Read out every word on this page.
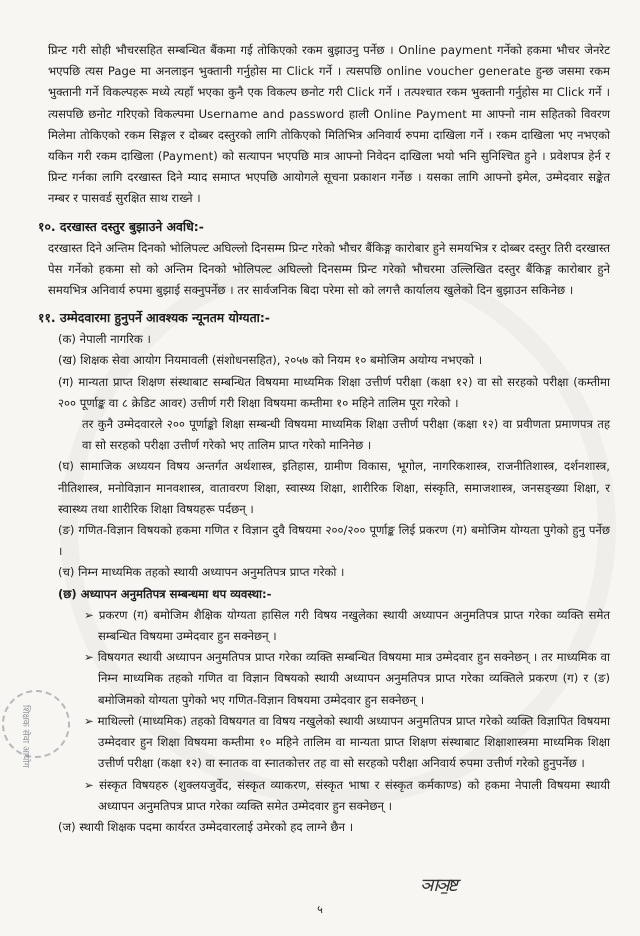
शिक्षक सेवा आयोग

प्रिन्ट गरी सोही भौचरसहित सम्बन्धित बैंकमा गई तोकिएको रकम बुझाउनु पर्नेछ । Online payment गर्नेको हकमा भौचर जेनरेट भएपछि त्यस Page मा अनलाइन भुक्तानी गर्नुहोस मा Click गर्ने । त्यसपछि online voucher generate हुन्छ जसमा रकम भुक्तानी गर्ने विकल्पहरू मध्ये त्यहाँ भएका कुनै एक विकल्प छनोट गरी Click गर्ने । तत्पश्चात रकम भुक्तानी गर्नुहोस मा Click गर्ने । त्यसपछि छनोट गरिएको विकल्पमा Username and password हाली Online Payment मा आफ्नो नाम सहितको विवरण मिलेमा तोकिएको रकम सिङ्गल र दोब्बर दस्तुरको लागि तोकिएको मितिभित्र अनिवार्य रुपमा दाखिला गर्ने । रकम दाखिला भए नभएको यकिन गरी रकम दाखिला (Payment) को सत्यापन भएपछि मात्र आफ्नो निवेदन दाखिला भयो भनि सुनिश्चित हुने । प्रवेशपत्र हेर्न र प्रिन्ट गर्नका लागि दरखास्त दिने म्याद समाप्त भएपछि आयोगले सूचना प्रकाशन गर्नेछ । यसका लागि आफ्नो इमेल, उम्मेदवार सङ्केत नम्बर र पासवर्ड सुरक्षित साथ राख्ने ।

१०. दरखास्त दस्तुर बुझाउने अवधि:-

दरखास्त दिने अन्तिम दिनको भोलिपल्ट अघिल्लो दिनसम्म प्रिन्ट गरेको भौचर बैंकिङ्ग कारोबार हुने समयभित्र र दोब्बर दस्तुर तिरी दरखास्त पेस गर्नेको हकमा सो को अन्तिम दिनको भोलिपल्ट अघिल्लो दिनसम्म प्रिन्ट गरेको भौचरमा उल्लिखित दस्तुर बैंकिङ्ग कारोबार हुने समयभित्र अनिवार्य रुपमा बुझाई सक्नुपर्नेछ । तर सार्वजनिक बिदा परेमा सो को लगत्तै कार्यालय खुलेको दिन बुझाउन सकिनेछ ।

११. उम्मेदवारमा हुनुपर्ने आवश्यक न्यूनतम योग्यता:-

(क) नेपाली नागरिक ।

(ख) शिक्षक सेवा आयोग नियमावली (संशोधनसहित), २०५७ को नियम १० बमोजिम अयोग्य नभएको ।

(ग) मान्यता प्राप्त शिक्षण संस्थाबाट सम्बन्धित विषयमा माध्यमिक शिक्षा उत्तीर्ण परीक्षा (कक्षा १२) वा सो सरहको परीक्षा (कम्तीमा २०० पूर्णाङ्क वा ८ क्रेडिट आवर) उत्तीर्ण गरी शिक्षा विषयमा कम्तीमा १० महिने तालिम पूरा गरेको ।

तर कुनै उम्मेदवारले २०० पूर्णाङ्को शिक्षा सम्बन्धी विषयमा माध्यमिक शिक्षा उत्तीर्ण परीक्षा (कक्षा १२) वा प्रवीणता प्रमाणपत्र तह वा सो सरहको परीक्षा उत्तीर्ण गरेको भए तालिम प्राप्त गरेको मानिनेछ ।

(घ) सामाजिक अध्ययन विषय अन्तर्गत अर्थशास्त्र, इतिहास, ग्रामीण विकास, भूगोल, नागरिकशास्त्र, राजनीतिशास्त्र, दर्शनशास्त्र, नीतिशास्त्र, मनोविज्ञान मानवशास्त्र, वातावरण शिक्षा, स्वास्थ्य शिक्षा, शारीरिक शिक्षा, संस्कृति, समाजशास्त्र, जनसङ्ख्या शिक्षा, र स्वास्थ्य तथा शारीरिक शिक्षा विषयहरू पर्दछन् ।

(ङ) गणित-विज्ञान विषयको हकमा गणित र विज्ञान दुवै विषयमा २००/२०० पूर्णाङ्क लिई प्रकरण (ग) बमोजिम योग्यता पुगेको हुनु पर्नेछ ।

(च) निम्न माध्यमिक तहको स्थायी अध्यापन अनुमतिपत्र प्राप्त गरेको ।

(छ) अध्यापन अनुमतिपत्र सम्बन्धमा थप व्यवस्था:-

➢ प्रकरण (ग) बमोजिम शैक्षिक योग्यता हासिल गरी विषय नखुलेका स्थायी अध्यापन अनुमतिपत्र प्राप्त गरेका व्यक्ति समेत सम्बन्धित विषयमा उम्मेदवार हुन सक्नेछन् ।

➢ विषयगत स्थायी अध्यापन अनुमतिपत्र प्राप्त गरेका व्यक्ति सम्बन्धित विषयमा मात्र उम्मेदवार हुन सक्नेछन् । तर माध्यमिक वा निम्न माध्यमिक तहको गणित वा विज्ञान विषयको स्थायी अध्यापन अनुमतिपत्र प्राप्त गरेका व्यक्तिले प्रकरण (ग) र (ङ) बमोजिमको योग्यता पुगेको भए गणित-विज्ञान विषयमा उम्मेदवार हुन सक्नेछन् ।

➢ माथिल्लो (माध्यमिक) तहको विषयगत वा विषय नखुलेको स्थायी अध्यापन अनुमतिपत्र प्राप्त गरेकाे व्यक्ति विज्ञापित विषयमा उम्मेदवार हुन शिक्षा विषयमा कम्तीमा १० महिने तालिम वा मान्यता प्राप्त शिक्षण संस्थाबाट शिक्षाशास्त्रमा माध्यमिक शिक्षा उत्तीर्ण परीक्षा (कक्षा १२) वा स्नातक वा स्नातकोत्तर तह वा सो सरहको परीक्षा अनिवार्य रुपमा उत्तीर्ण गरेको हुनुपर्नेछ ।

➢ संस्कृत विषयहरु (शुक्लयजुर्वेद, संस्कृत व्याकरण, संस्कृत भाषा र संस्कृत कर्मकाण्ड) को हकमा नेपाली विषयमा स्थायी अध्यापन अनुमतिपत्र प्राप्त गरेका व्यक्ति समेत उम्मेदवार हुन सक्नेछन् ।

(ज) स्थायी शिक्षक पदमा कार्यरत उम्मेदवारलाई उमेरको हद लाग्ने छैन ।

ञाञ॒ष्ट
५
